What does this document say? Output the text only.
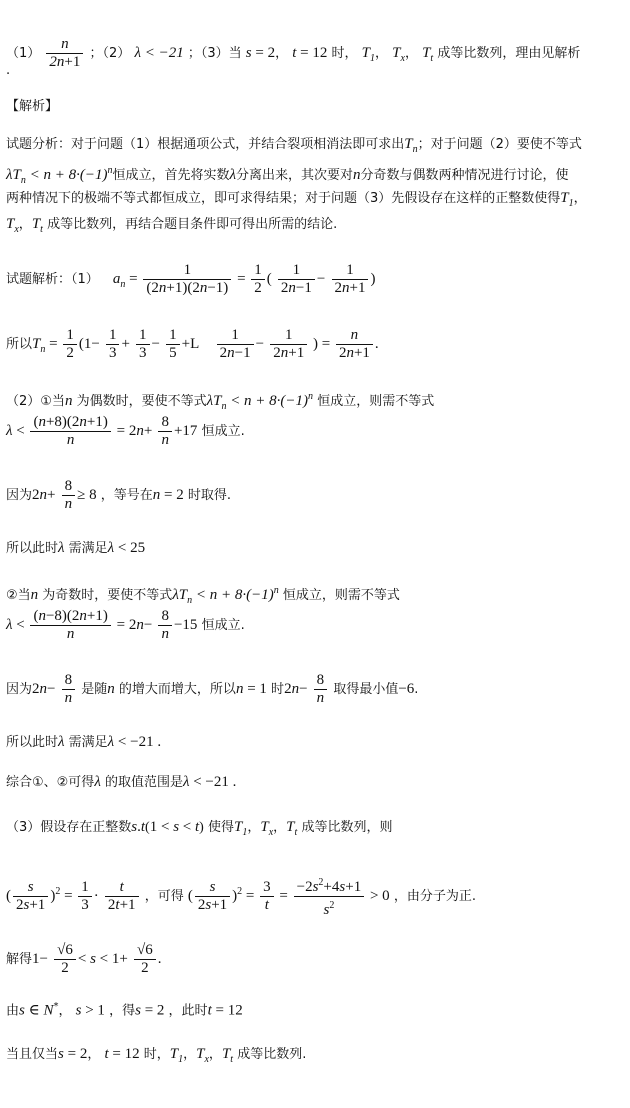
$(1) \frac{n}{2n+1}$ ；（2） λ < −21 ；（3）当 s = 2， t = 12 时， $T_1$， $T_x$， $T_t$ 成等比数列，理由见解析
.
【解析】
试题分析：对于问题（1）根据通项公式，并结合裂项相消法即可求出$T_n$；对于问题（2）要使不等式
$\lambda T_n < n + 8\cdot(-1)^n$恒成立，首先将实数λ分离出来，其次要对n分奇数与偶数两种情况进行讨论，使
两种情况下的极端不等式都恒成立，即可求得结果；对于问题（3）先假设存在这样的正整数使得$T_1$，
$T_x$，$T_t$ 成等比数列，再结合题目条件即可得出所需的结论.
试题解析：（1） $a_n = \frac{1}{(2n+1)(2n-1)} = \frac{1}{2}$ ( $\frac{1}{2n-1} - \frac{1}{2n+1}$ )
所以$T_n = \frac{1}{2} (1- \frac{1}{3} + \frac{1}{3} - \frac{1}{5} +L \frac{1}{2n-1} - \frac{1}{2n+1}$ ) = $\frac{n}{2n+1}$ .
（2）①当n 为偶数时，要使不等式$\lambda T_n < n + 8\cdot(-1)^n$ 恒成立，则需不等式
$\lambda < \frac{(n+8)(2n+1)}{n} = 2n+ \frac{8}{n} +17$ 恒成立.
因为$2n+ \frac{8}{n} \ge 8$ ，等号在n = 2 时取得.
所以此时λ 需满足λ < 25
②当n 为奇数时，要使不等式$\lambda T_n < n + 8\cdot(-1)^n$ 恒成立，则需不等式
$\lambda < \frac{(n-8)(2n+1)}{n} = 2n- \frac{8}{n} -15$ 恒成立.
因为$2n- \frac{8}{n}$ 是随n 的增大而增大，所以n = 1 时$2n- \frac{8}{n}$ 取得最小值−6.
所以此时λ 需满足λ < −21 .
综合①、②可得λ 的取值范围是λ < −21 .
（3）假设存在正整数s.t(1 < s < t) 使得$T_1$，$T_x$，$T_t$ 成等比数列，则
( $\frac{s}{2s+1} )^2 = \frac{1}{3} \cdot \frac{t}{2t+1}$ ，可得 ( $\frac{s}{2s+1} )^2 = \frac{3}{t} = \frac{-2s^2+4s+1}{s^2} > 0$ ，由分子为正.
解得$1- \frac{√6}{2} < s < 1+ \frac{√6}{2}$ .
由s ∈ N*， s > 1 ，得s = 2 ，此时t = 12
当且仅当s = 2， t = 12 时，$T_1$，$T_x$，$T_t$ 成等比数列.
